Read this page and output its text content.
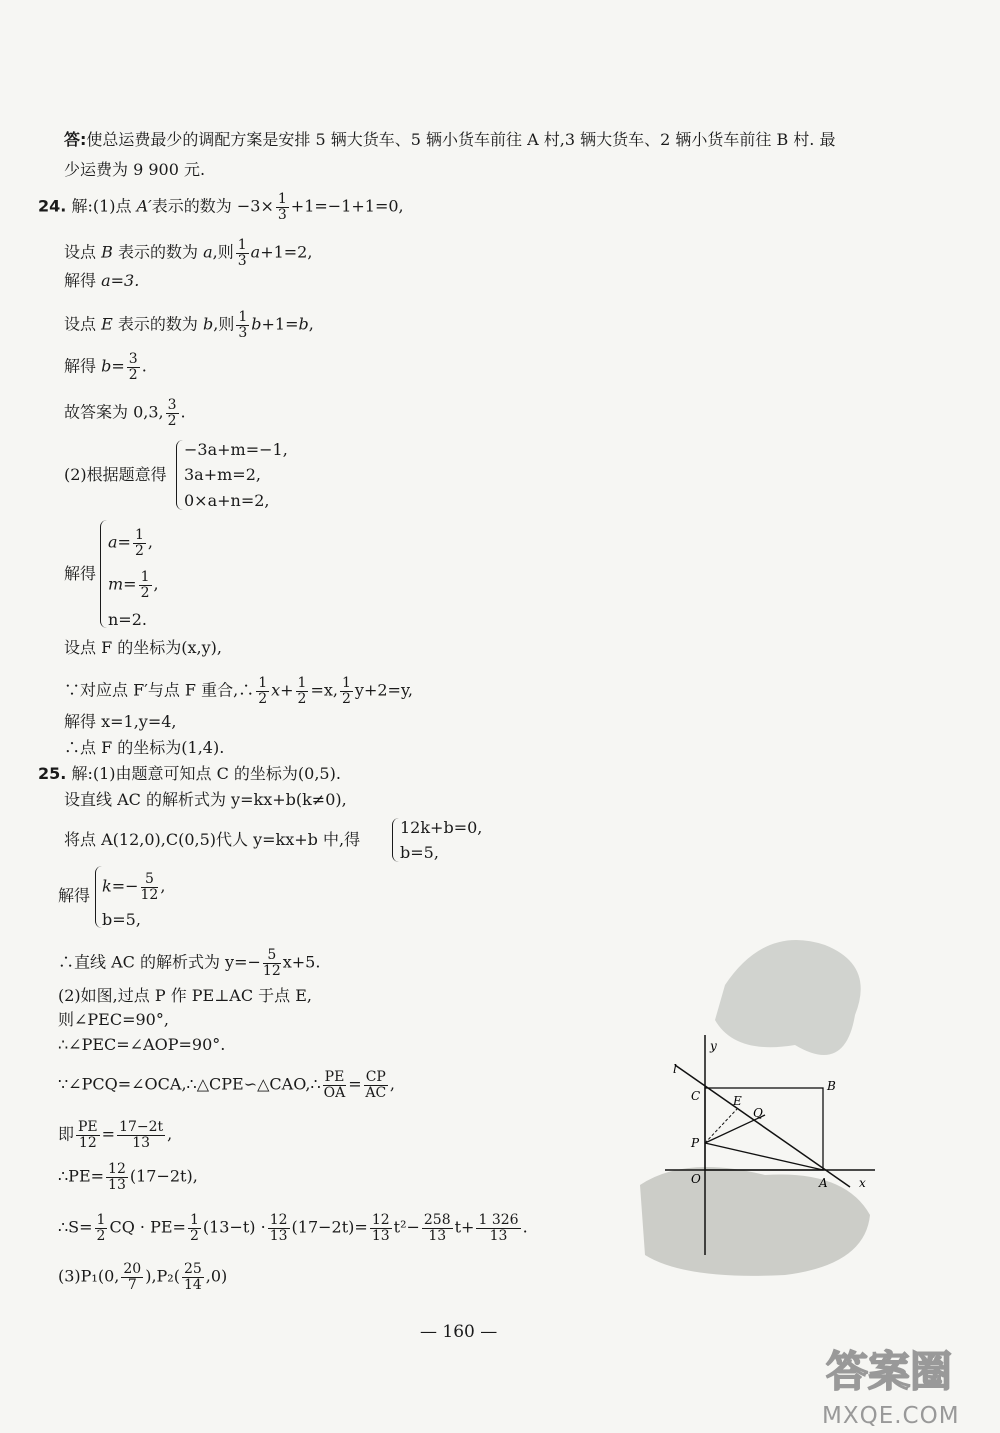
答:使总运费最少的调配方案是安排 5 辆大货车、5 辆小货车前往 A 村,3 辆大货车、2 辆小货车前往 B 村. 最
少运费为 9 900 元.
24. 解:(1)点 A′表示的数为 $-3\times \frac{1}{3} +1=-1+1=0$,
设点 B 表示的数为 a,则 $\frac{1}{3} a+1=2$,
解得 a=3.
设点 E 表示的数为 b,则 $\frac{1}{3} b+1=b$,
解得 $b= \frac{3}{2}$ .
故答案为 0,3, $\frac{3}{2}$ .
(2)根据题意得
−3a+m=−1,
3a+m=2,
0×a+n=2,
解得
$a= \frac{1}{2}$ ,
$m= \frac{1}{2}$ ,
n=2.
设点 F 的坐标为(x,y),
∵对应点 F′与点 F 重合,∴ $\frac{1}{2} x+ \frac{1}{2} =x$, $\frac{1}{2} y+2=y$,
解得 x=1,y=4,
∴点 F 的坐标为(1,4).
25. 解:(1)由题意可知点 C 的坐标为(0,5).
设直线 AC 的解析式为 y=kx+b(k≠0),
将点 A(12,0),C(0,5)代人 y=kx+b 中,得
12k+b=0,
b=5,
解得 $k=- \frac{5}{12}$ ,
b=5,
∴直线 AC 的解析式为 $y=- \frac{5}{12} x+5$.
(2)如图,过点 P 作 PE⊥AC 于点 E,
则∠PEC=90°,
∴∠PEC=∠AOP=90°.
∵∠PCQ=∠OCA,∴△CPE∽△CAO,∴ $\frac{PE}{OA} = \frac{CP}{AC}$ ,
即 $\frac{PE}{12} = \frac{17-2t}{13}$ ,
∴PE= $\frac{12}{13} (17-2t)$,
∴S= $\frac{1}{2}$ CQ · $PE= \frac{1}{2} (13-t) \cdot \frac{12}{13} (17-2t)= \frac{12}{13} t^2- \frac{258}{13} t+ \frac{1 326}{13}$ .
(3)P₁(0, $\frac{20}{7} ),P_2( \frac{25}{14} ,0)$
l
y
C	E
Q
B
P
O	A	x
— 160 —
答案圈
MXQE.COM
